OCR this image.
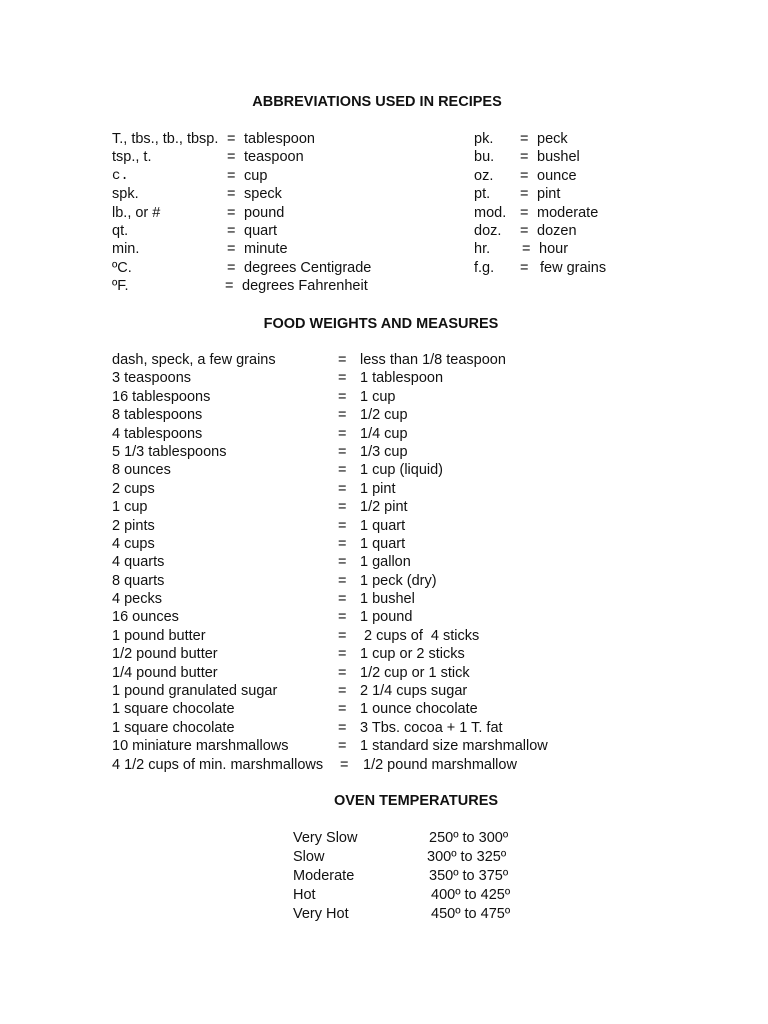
ABBREVIATIONS USED IN RECIPES
T., tbs., tb., tbsp. = tablespoon
tsp., t.	= teaspoon
c.	= cup
spk.	= speck
lb., or #	= pound
qt.	= quart
min.	= minute
ºC.	= degrees Centigrade
ºF.	= degrees Fahrenheit
pk. = peck
bu. = bushel
oz. = ounce
pt. = pint
mod. = moderate
doz. = dozen
hr. = hour
f.g. = few grains
FOOD WEIGHTS AND MEASURES
dash, speck, a few grains	= less than 1/8 teaspoon
3 teaspoons	= 1 tablespoon
16 tablespoons	= 1 cup
8 tablespoons	= 1/2 cup
4 tablespoons	= 1/4 cup
5 1/3 tablespoons	= 1/3 cup
8 ounces	= 1 cup (liquid)
2 cups	= 1 pint
1 cup	= 1/2 pint
2 pints	= 1 quart
4 cups	= 1 quart
4 quarts	= 1 gallon
8 quarts	= 1 peck (dry)
4 pecks	= 1 bushel
16 ounces	= 1 pound
1 pound butter	= 2 cups of  4 sticks
1/2 pound butter	= 1 cup or 2 sticks
1/4 pound butter	= 1/2 cup or 1 stick
1 pound granulated sugar	= 2 1/4 cups sugar
1 square chocolate	= 1 ounce chocolate
1 square chocolate	= 3 Tbs. cocoa + 1 T. fat
10 miniature marshmallows	= 1 standard size marshmallow
4 1/2 cups of min. marshmallows = 1/2 pound marshmallow
OVEN TEMPERATURES
Very Slow	250º to 300º
Slow	300º to 325º
Moderate	350º to 375º
Hot	400º to 425º
Very Hot	450º to 475º
